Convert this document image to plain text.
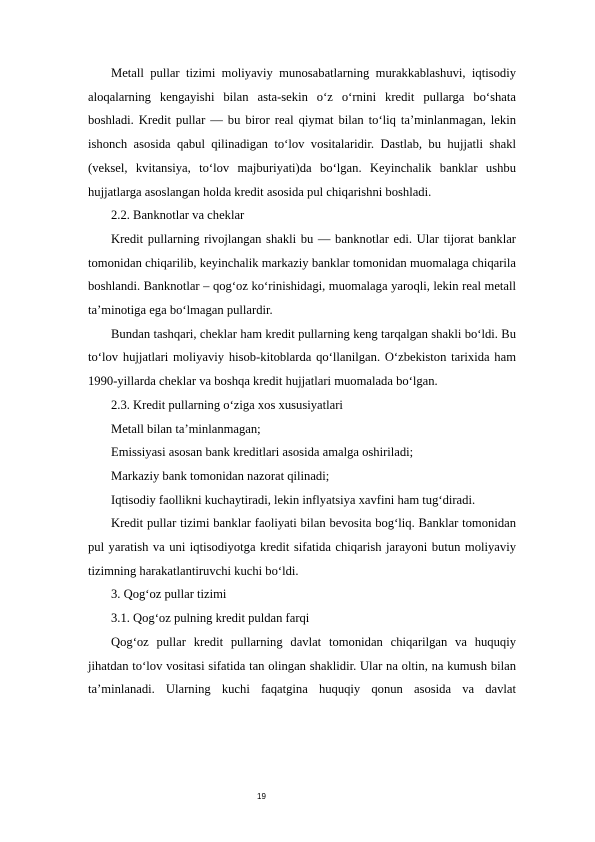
Metall pullar tizimi moliyaviy munosabatlarning murakkablashuvi, iqtisodiy aloqalarning kengayishi bilan asta-sekin o‘z o‘rnini kredit pullarga bo‘shata boshladi. Kredit pullar — bu biror real qiymat bilan to‘liq ta’minlanmagan, lekin ishonch asosida qabul qilinadigan to‘lov vositalaridir. Dastlab, bu hujjatli shakl (veksel, kvitansiya, to‘lov majburiyati)da bo‘lgan. Keyinchalik banklar ushbu hujjatlarga asoslangan holda kredit asosida pul chiqarishni boshladi.

2.2. Banknotlar va cheklar

Kredit pullarning rivojlangan shakli bu — banknotlar edi. Ular tijorat banklar tomonidan chiqarilib, keyinchalik markaziy banklar tomonidan muomalaga chiqarila boshlandi. Banknotlar – qog‘oz ko‘rinishidagi, muomalaga yaroqli, lekin real metall ta’minotiga ega bo‘lmagan pullardir.

Bundan tashqari, cheklar ham kredit pullarning keng tarqalgan shakli bo‘ldi. Bu to‘lov hujjatlari moliyaviy hisob-kitoblarda qo‘llanilgan. O‘zbekiston tarixida ham 1990-yillarda cheklar va boshqa kredit hujjatlari muomalada bo‘lgan.

2.3. Kredit pullarning o‘ziga xos xususiyatlari

Metall bilan ta’minlanmagan;

Emissiyasi asosan bank kreditlari asosida amalga oshiriladi;

Markaziy bank tomonidan nazorat qilinadi;

Iqtisodiy faollikni kuchaytiradi, lekin inflyatsiya xavfini ham tug‘diradi.

Kredit pullar tizimi banklar faoliyati bilan bevosita bog‘liq. Banklar tomonidan pul yaratish va uni iqtisodiyotga kredit sifatida chiqarish jarayoni butun moliyaviy tizimning harakatlantiruvchi kuchi bo‘ldi.

3. Qog‘oz pullar tizimi

3.1. Qog‘oz pulning kredit puldan farqi

Qog‘oz pullar kredit pullarning davlat tomonidan chiqarilgan va huquqiy jihatdan to‘lov vositasi sifatida tan olingan shaklidir. Ular na oltin, na kumush bilan ta’minlanadi. Ularning kuchi faqatgina huquqiy qonun asosida va davlat

19
